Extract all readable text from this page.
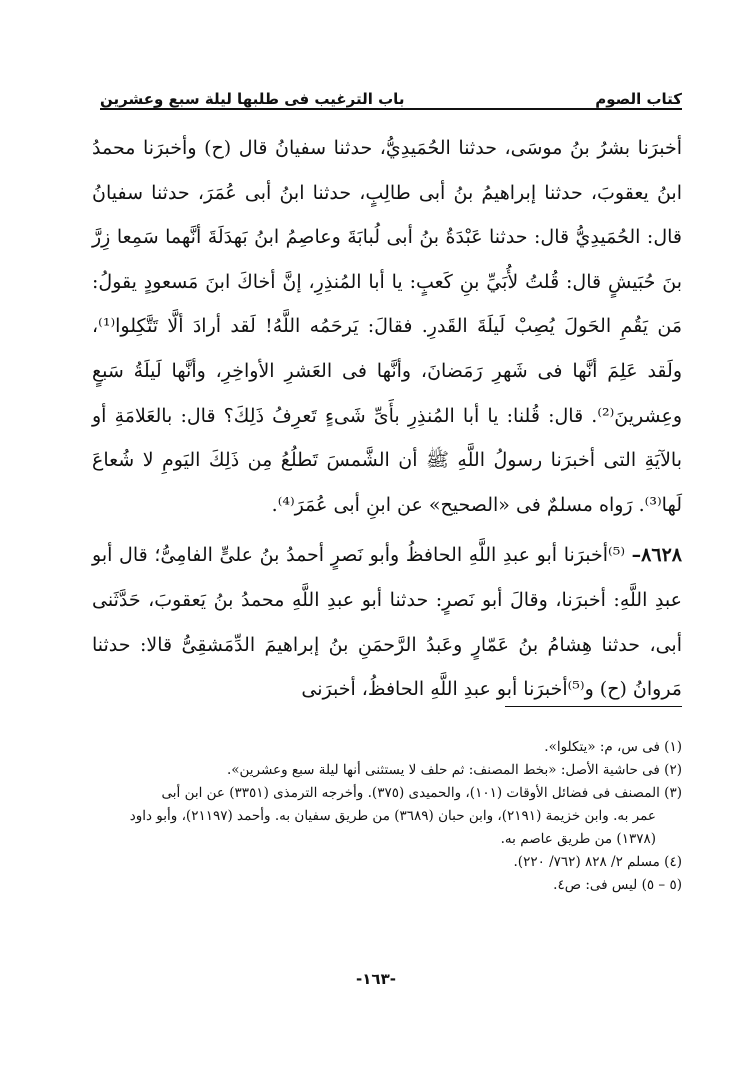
كتاب الصوم
باب الترغيب فى طلبها ليلة سبع وعشرين

أخبرَنا بشرُ بنُ موسَى، حدثنا الحُمَيدِيُّ، حدثنا سفيانُ قال (ح) وأخبرَنا محمدُ ابنُ يعقوبَ، حدثنا إبراهيمُ بنُ أبى طالِبٍ، حدثنا ابنُ أبى عُمَرَ، حدثنا سفيانُ قال: الحُمَيدِيُّ قال: حدثنا عَبْدَةُ بنُ أبى لُبابَةَ وعاصِمُ ابنُ بَهدَلَةَ أنَّهما سَمِعا زِرَّ بنَ حُبَيشٍ قال: قُلتُ لأُبَيِّ بنِ كَعبٍ: يا أبا المُنذِرِ، إنَّ أخاكَ ابنَ مَسعودٍ يقولُ: مَن يَقُمِ الحَولَ يُصِبْ لَيلَةَ القَدرِ. فقالَ: يَرحَمُه اللَّهُ! لَقد أرادَ ألَّا تَتَّكِلوا⁽¹⁾، ولَقد عَلِمَ أنَّها فى شَهرِ رَمَضانَ، وأنَّها فى العَشرِ الأواخِرِ، وأنَّها لَيلَةُ سَبعٍ وعِشرينَ⁽²⁾. قال: قُلنا: يا أبا المُنذِرِ بأَىِّ شَىءٍ تَعرِفُ ذَلِكَ؟ قال: بالعَلامَةِ أو بالآيَةِ التى أخبرَنا رسولُ اللَّهِ ﷺ أن الشَّمسَ تَطلُعُ مِن ذَلِكَ اليَومِ لا شُعاعَ لَها⁽³⁾. رَواه مسلمٌ فى «الصحيح» عن ابنِ أبى عُمَرَ⁽⁴⁾.

٨٦٢٨– ⁽⁵⁾أخبرَنا أبو عبدِ اللَّهِ الحافظُ وأبو نَصرٍ أحمدُ بنُ علىٍّ الفامِىُّ؛ قال أبو عبدِ اللَّهِ: أخبرَنا، وقالَ أبو نَصرٍ: حدثنا أبو عبدِ اللَّهِ محمدُ بنُ يَعقوبَ، حَدَّثَنى أبى، حدثنا هِشامُ بنُ عَمّارٍ وعَبدُ الرَّحمَنِ بنُ إبراهيمَ الدِّمَشقِىُّ قالا: حدثنا مَروانُ (ح) و⁽⁵⁾أخبرَنا أبو عبدِ اللَّهِ الحافظُ، أخبرَنى

(١) فى س، م: «يتكلوا».

(٢) فى حاشية الأصل: «بخط المصنف: ثم حلف لا يستثنى أنها ليلة سبع وعشرين».

(٣) المصنف فى فضائل الأوقات (١٠١)، والحميدى (٣٧٥). وأخرجه الترمذى (٣٣٥١) عن ابن أبى

عمر به. وابن خزيمة (٢١٩١)، وابن حبان (٣٦٨٩) من طريق سفيان به. وأحمد (٢١١٩٧)، وأبو داود (١٣٧٨) من طريق عاصم به.

(٤) مسلم ٢/ ٨٢٨ (٧٦٢/ ٢٢٠).

(٥ – ٥) ليس فى: ص٤.

-١٦٣-
